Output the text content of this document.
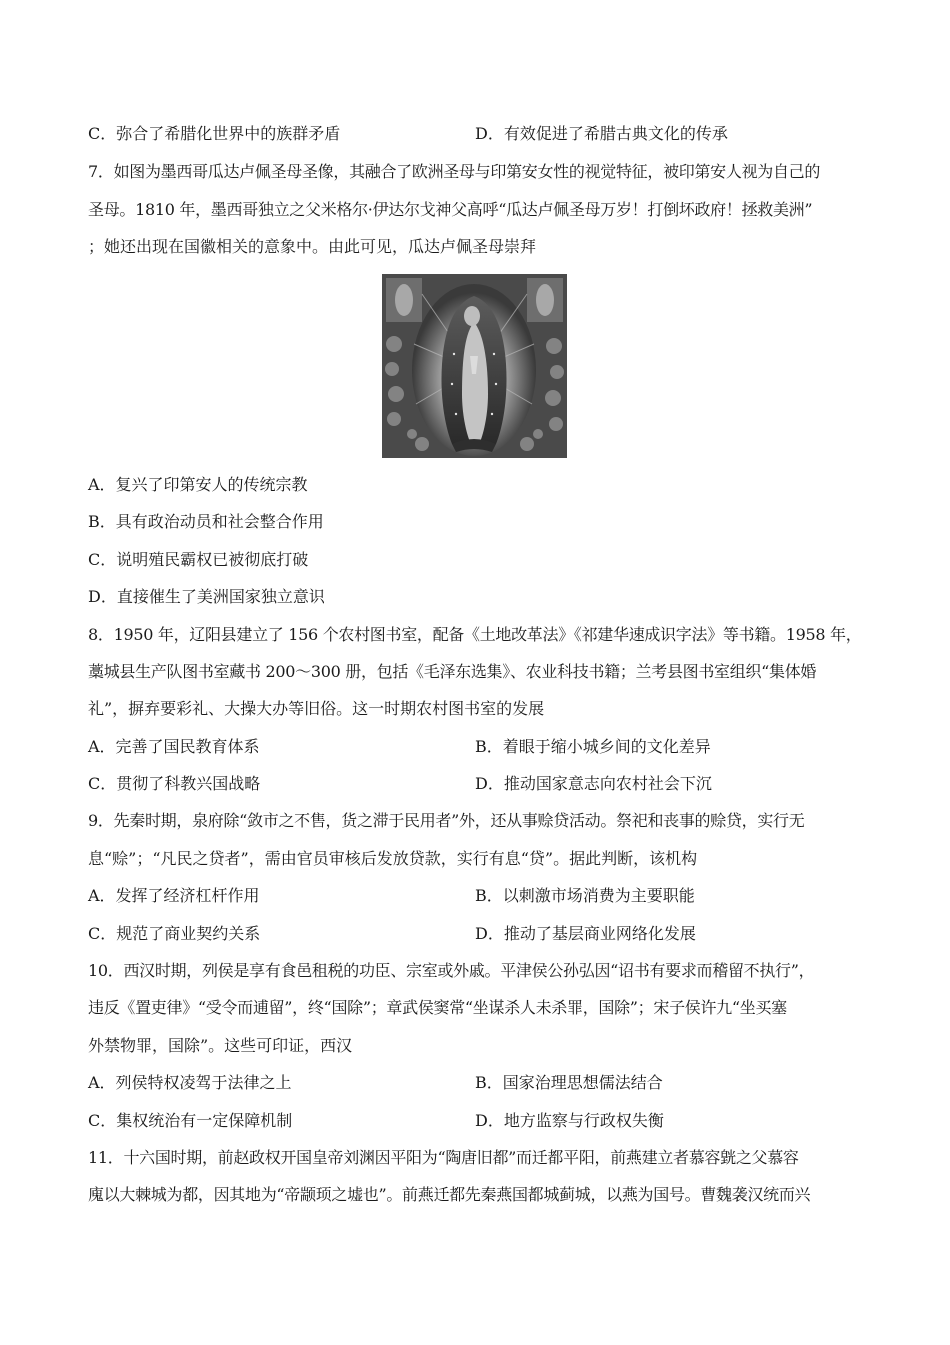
C．弥合了希腊化世界中的族群矛盾	D．有效促进了希腊古典文化的传承
7．如图为墨西哥瓜达卢佩圣母圣像，其融合了欧洲圣母与印第安女性的视觉特征，被印第安人视为自己的
圣母。1810 年，墨西哥独立之父米格尔·伊达尔戈神父高呼“瓜达卢佩圣母万岁！打倒坏政府！拯救美洲”
；她还出现在国徽相关的意象中。由此可见，瓜达卢佩圣母崇拜
A．复兴了印第安人的传统宗教
B．具有政治动员和社会整合作用
C．说明殖民霸权已被彻底打破
D．直接催生了美洲国家独立意识
8．1950 年，辽阳县建立了 156 个农村图书室，配备《土地改革法》《祁建华速成识字法》等书籍。1958 年，
藁城县生产队图书室藏书 200～300 册，包括《毛泽东选集》、农业科技书籍；兰考县图书室组织“集体婚
礼”，摒弃要彩礼、大操大办等旧俗。这一时期农村图书室的发展
A．完善了国民教育体系	B．着眼于缩小城乡间的文化差异
C．贯彻了科教兴国战略	D．推动国家意志向农村社会下沉
9．先秦时期，泉府除“敛市之不售，货之滞于民用者”外，还从事赊贷活动。祭祀和丧事的赊贷，实行无
息“赊”；“凡民之贷者”，需由官员审核后发放贷款，实行有息“贷”。据此判断，该机构
A．发挥了经济杠杆作用	B．以刺激市场消费为主要职能
C．规范了商业契约关系	D．推动了基层商业网络化发展
10．西汉时期，列侯是享有食邑租税的功臣、宗室或外戚。平津侯公孙弘因“诏书有要求而稽留不执行”，
违反《置吏律》“受令而逋留”，终“国除”；章武侯窦常“坐谋杀人未杀罪，国除”；宋子侯许九“坐买塞
外禁物罪，国除”。这些可印证，西汉
A．列侯特权凌驾于法律之上	B．国家治理思想儒法结合
C．集权统治有一定保障机制	D．地方监察与行政权失衡
11．十六国时期，前赵政权开国皇帝刘渊因平阳为“陶唐旧都”而迁都平阳，前燕建立者慕容皝之父慕容
廆以大棘城为都，因其地为“帝颛顼之墟也”。前燕迁都先秦燕国都城蓟城，以燕为国号。曹魏袭汉统而兴
